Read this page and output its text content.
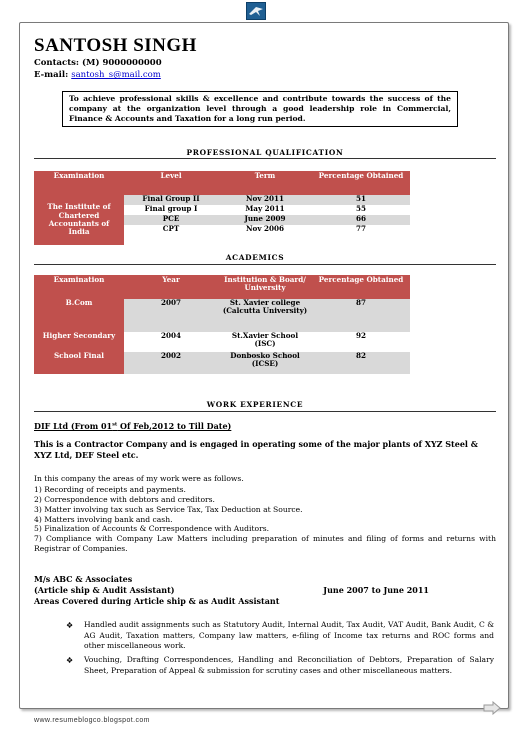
SANTOSH SINGH
Contacts: (M) 9000000000
E-mail: santosh_s@mail.com
To achieve professional skills & excellence and contribute towards the success of the company at the organization level through a good leadership role in Commercial, Finance & Accounts and Taxation for a long run period.
PROFESSIONAL QUALIFICATION
Examination	Level	Term	Percentage Obtained
The Institute of Chartered Accountants of India	Final Group II	Nov 2011	51
	Final group I	May 2011	55
	PCE	June 2009	66
	CPT	Nov 2006	77
ACADEMICS
Examination	Year	Institution & Board/ University	Percentage Obtained
B.Com	2007	St. Xavier college (Calcutta University)	87
Higher Secondary	2004	St.Xavier School (ISC)	92
School Final	2002	Donbosko School (ICSE)	82
WORK EXPERIENCE
DIF Ltd (From 01st Of Feb,2012 to Till Date)
This is a Contractor Company and is engaged in operating some of the major plants of XYZ Steel & XYZ Ltd, DEF Steel etc.
In this company the areas of my work were as follows.
1) Recording of receipts and payments.
2) Correspondence with debtors and creditors.
3) Matter involving tax such as Service Tax, Tax Deduction at Source.
4) Matters involving bank and cash.
5) Finalization of Accounts & Correspondence with Auditors.
7) Compliance with Company Law Matters including preparation of minutes and filing of forms and returns with Registrar of Companies.
M/s ABC & Associates
(Article ship & Audit Assistant)	June 2007 to June 2011
Areas Covered during Article ship & as Audit Assistant
❖ Handled audit assignments such as Statutory Audit, Internal Audit, Tax Audit, VAT Audit, Bank Audit, C & AG Audit, Taxation matters, Company law matters, e-filing of Income tax returns and ROC forms and other miscellaneous work.
❖ Vouching, Drafting Correspondences, Handling and Reconciliation of Debtors, Preparation of Salary Sheet, Preparation of Appeal & submission for scrutiny cases and other miscellaneous matters.
www.resumeblogco.blogspot.com
